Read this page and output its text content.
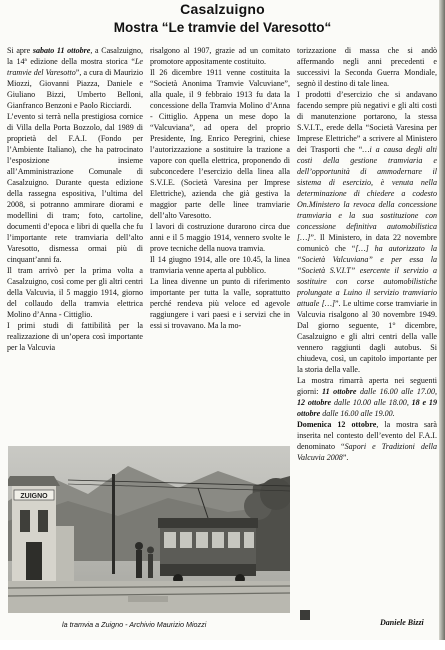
Casalzuigno
Mostra “Le tramvie del Varesotto“

Si apre sabato 11 ottobre, a Casalzuigno, la 14ª edizione della mostra storica “Le tramvie del Varesotto”, a cura di Maurizio Miozzi, Giovanni Piazza, Daniele e Giuliano Bizzi, Umberto Belloni, Gianfranco Benzoni e Paolo Ricciardi.

L’evento si terrà nella prestigiosa cornice di Villa della Porta Bozzolo, dal 1989 di proprietà del F.A.I. (Fondo per l’Ambiente Italiano), che ha patrocinato l’esposizione insieme all’Amministrazione Comunale di Casalzuigno. Durante questa edizione della rassegna espositiva, l’ultima del 2008, si potranno ammirare diorami e modellini di tram; foto, cartoline, documenti d’epoca e libri di quella che fu l’importante rete tramviaria dell’alto Varesotto, dismessa ormai più di cinquant’anni fa.

Il tram arrivò per la prima volta a Casalzuigno, così come per gli altri centri della Valcuvia, il 5 maggio 1914, giorno del collaudo della tramvia elettrica Molino d’Anna - Cittiglio.

I primi studi di fattibilità per la realizzazione di un’opera così importante per la Valcuvia

risalgono al 1907, grazie ad un comitato promotore appositamente costituito.

Il 26 dicembre 1911 venne costituita la “Società Anonima Tramvie Valcuviane”, alla quale, il 9 febbraio 1913 fu data la concessione della Tramvia Molino d’Anna - Cittiglio. Appena un mese dopo la “Valcuviana”, ad opera del proprio Presidente, Ing. Enrico Peregrini, chiese l’autorizzazione a sostituire la trazione a vapore con quella elettrica, proponendo di subconcedere l’esercizio della linea alla S.V.I.E. (Società Varesina per Imprese Elettriche), azienda che già gestiva la maggior parte delle linee tramviarie dell’alto Varesotto.

I lavori di costruzione durarono circa due anni e il 5 maggio 1914, vennero svolte le prove tecniche della nuova tramvia.

Il 14 giugno 1914, alle ore 10.45, la linea tramviaria venne aperta al pubblico.

La linea divenne un punto di riferimento importante per tutta la valle, soprattutto perché rendeva più veloce ed agevole raggiungere i vari paesi e i servizi che in essi si trovavano. Ma la mo-

torizzazione di massa che si andò affermando negli anni precedenti e successivi la Seconda Guerra Mondiale, segnò il destino di tale linea.

I prodotti d’esercizio che si andavano facendo sempre più negativi e gli alti costi di manutenzione portarono, la stessa S.V.I.T., erede della “Società Varesina per Imprese Elettriche” a scrivere al Ministero dei Trasporti che “…i a causa degli alti costi della gestione tramviaria e dell’opportunità di ammodernare il sistema di esercizio, è venuta nella determinazione di chiedere a codesto On.Ministero la revoca della concessione tramviaria e la sua sostituzione con concessione definitiva automobilistica […]”. Il Ministero, in data 22 novembre comunicò che “[…] ha autorizzato la “Società Valcuviana” e per essa la “Società S.V.I.T” esercente il servizio a sostituire con corse automobilistiche prolungate a Luino il servizio tramviario attuale […]”. Le ultime corse tramviarie in Valcuvia risalgono al 30 novembre 1949. Dal giorno seguente, 1° dicembre, Casalzuigno e gli altri centri della valle vennero raggiunti dagli autobus. Si chiudeva, così, un capitolo importante per la storia della valle.

La mostra rimarrà aperta nei seguenti giorni: 11 ottobre dalle 16.00 alle 17.00, 12 ottobre dalle 10.00 alle 18.00, 18 e 19 ottobre dalle 16.00 alle 19.00.

Domenica 12 ottobre, la mostra sarà inserita nel contesto dell’evento del F.A.I. denominato “Sapori e Tradizioni della Valcuvia 2008”.

ZUIGNO
la tramvia a Zuigno - Archivio Maurizio Miozzi	Daniele Bizzi
